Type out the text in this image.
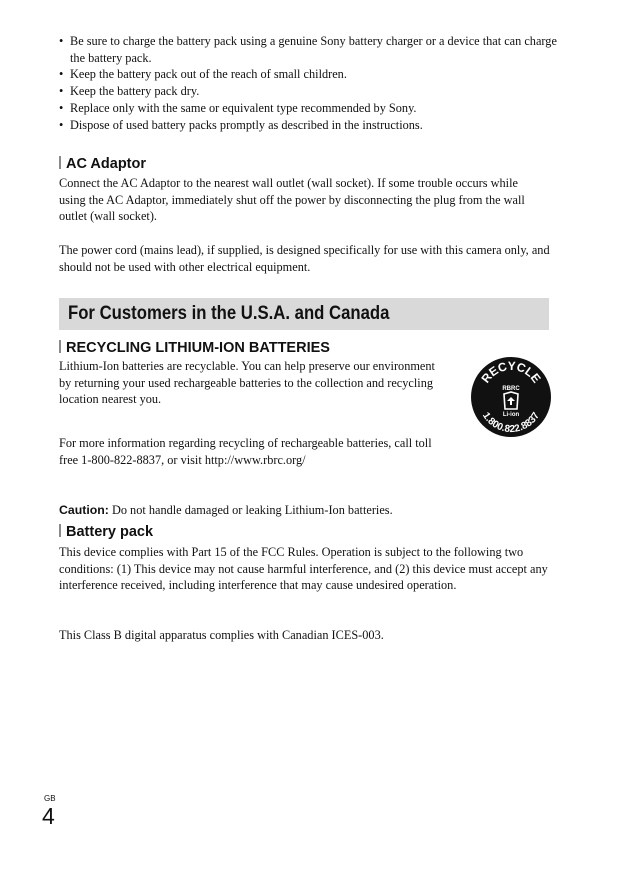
• Be sure to charge the battery pack using a genuine Sony battery charger or a device that can charge the battery pack.
• Keep the battery pack out of the reach of small children.
• Keep the battery pack dry.
• Replace only with the same or equivalent type recommended by Sony.
• Dispose of used battery packs promptly as described in the instructions.
AC Adaptor

Connect the AC Adaptor to the nearest wall outlet (wall socket). If some trouble occurs while using the AC Adaptor, immediately shut off the power by disconnecting the plug from the wall outlet (wall socket).

The power cord (mains lead), if supplied, is designed specifically for use with this camera only, and should not be used with other electrical equipment.

For Customers in the U.S.A. and Canada
RECYCLING LITHIUM-ION BATTERIES

Lithium-Ion batteries are recyclable. You can help preserve our environment by returning your used rechargeable batteries to the collection and recycling location nearest you.

For more information regarding recycling of rechargeable batteries, call toll free 1-800-822-8837, or visit http://www.rbrc.org/

Caution: Do not handle damaged or leaking Lithium-Ion batteries.

RECYCLE
RBRC
Li-ion
1.800.822.8837
Battery pack

This device complies with Part 15 of the FCC Rules. Operation is subject to the following two conditions: (1) This device may not cause harmful interference, and (2) this device must accept any interference received, including interference that may cause undesired operation.

This Class B digital apparatus complies with Canadian ICES-003.

GB
4
